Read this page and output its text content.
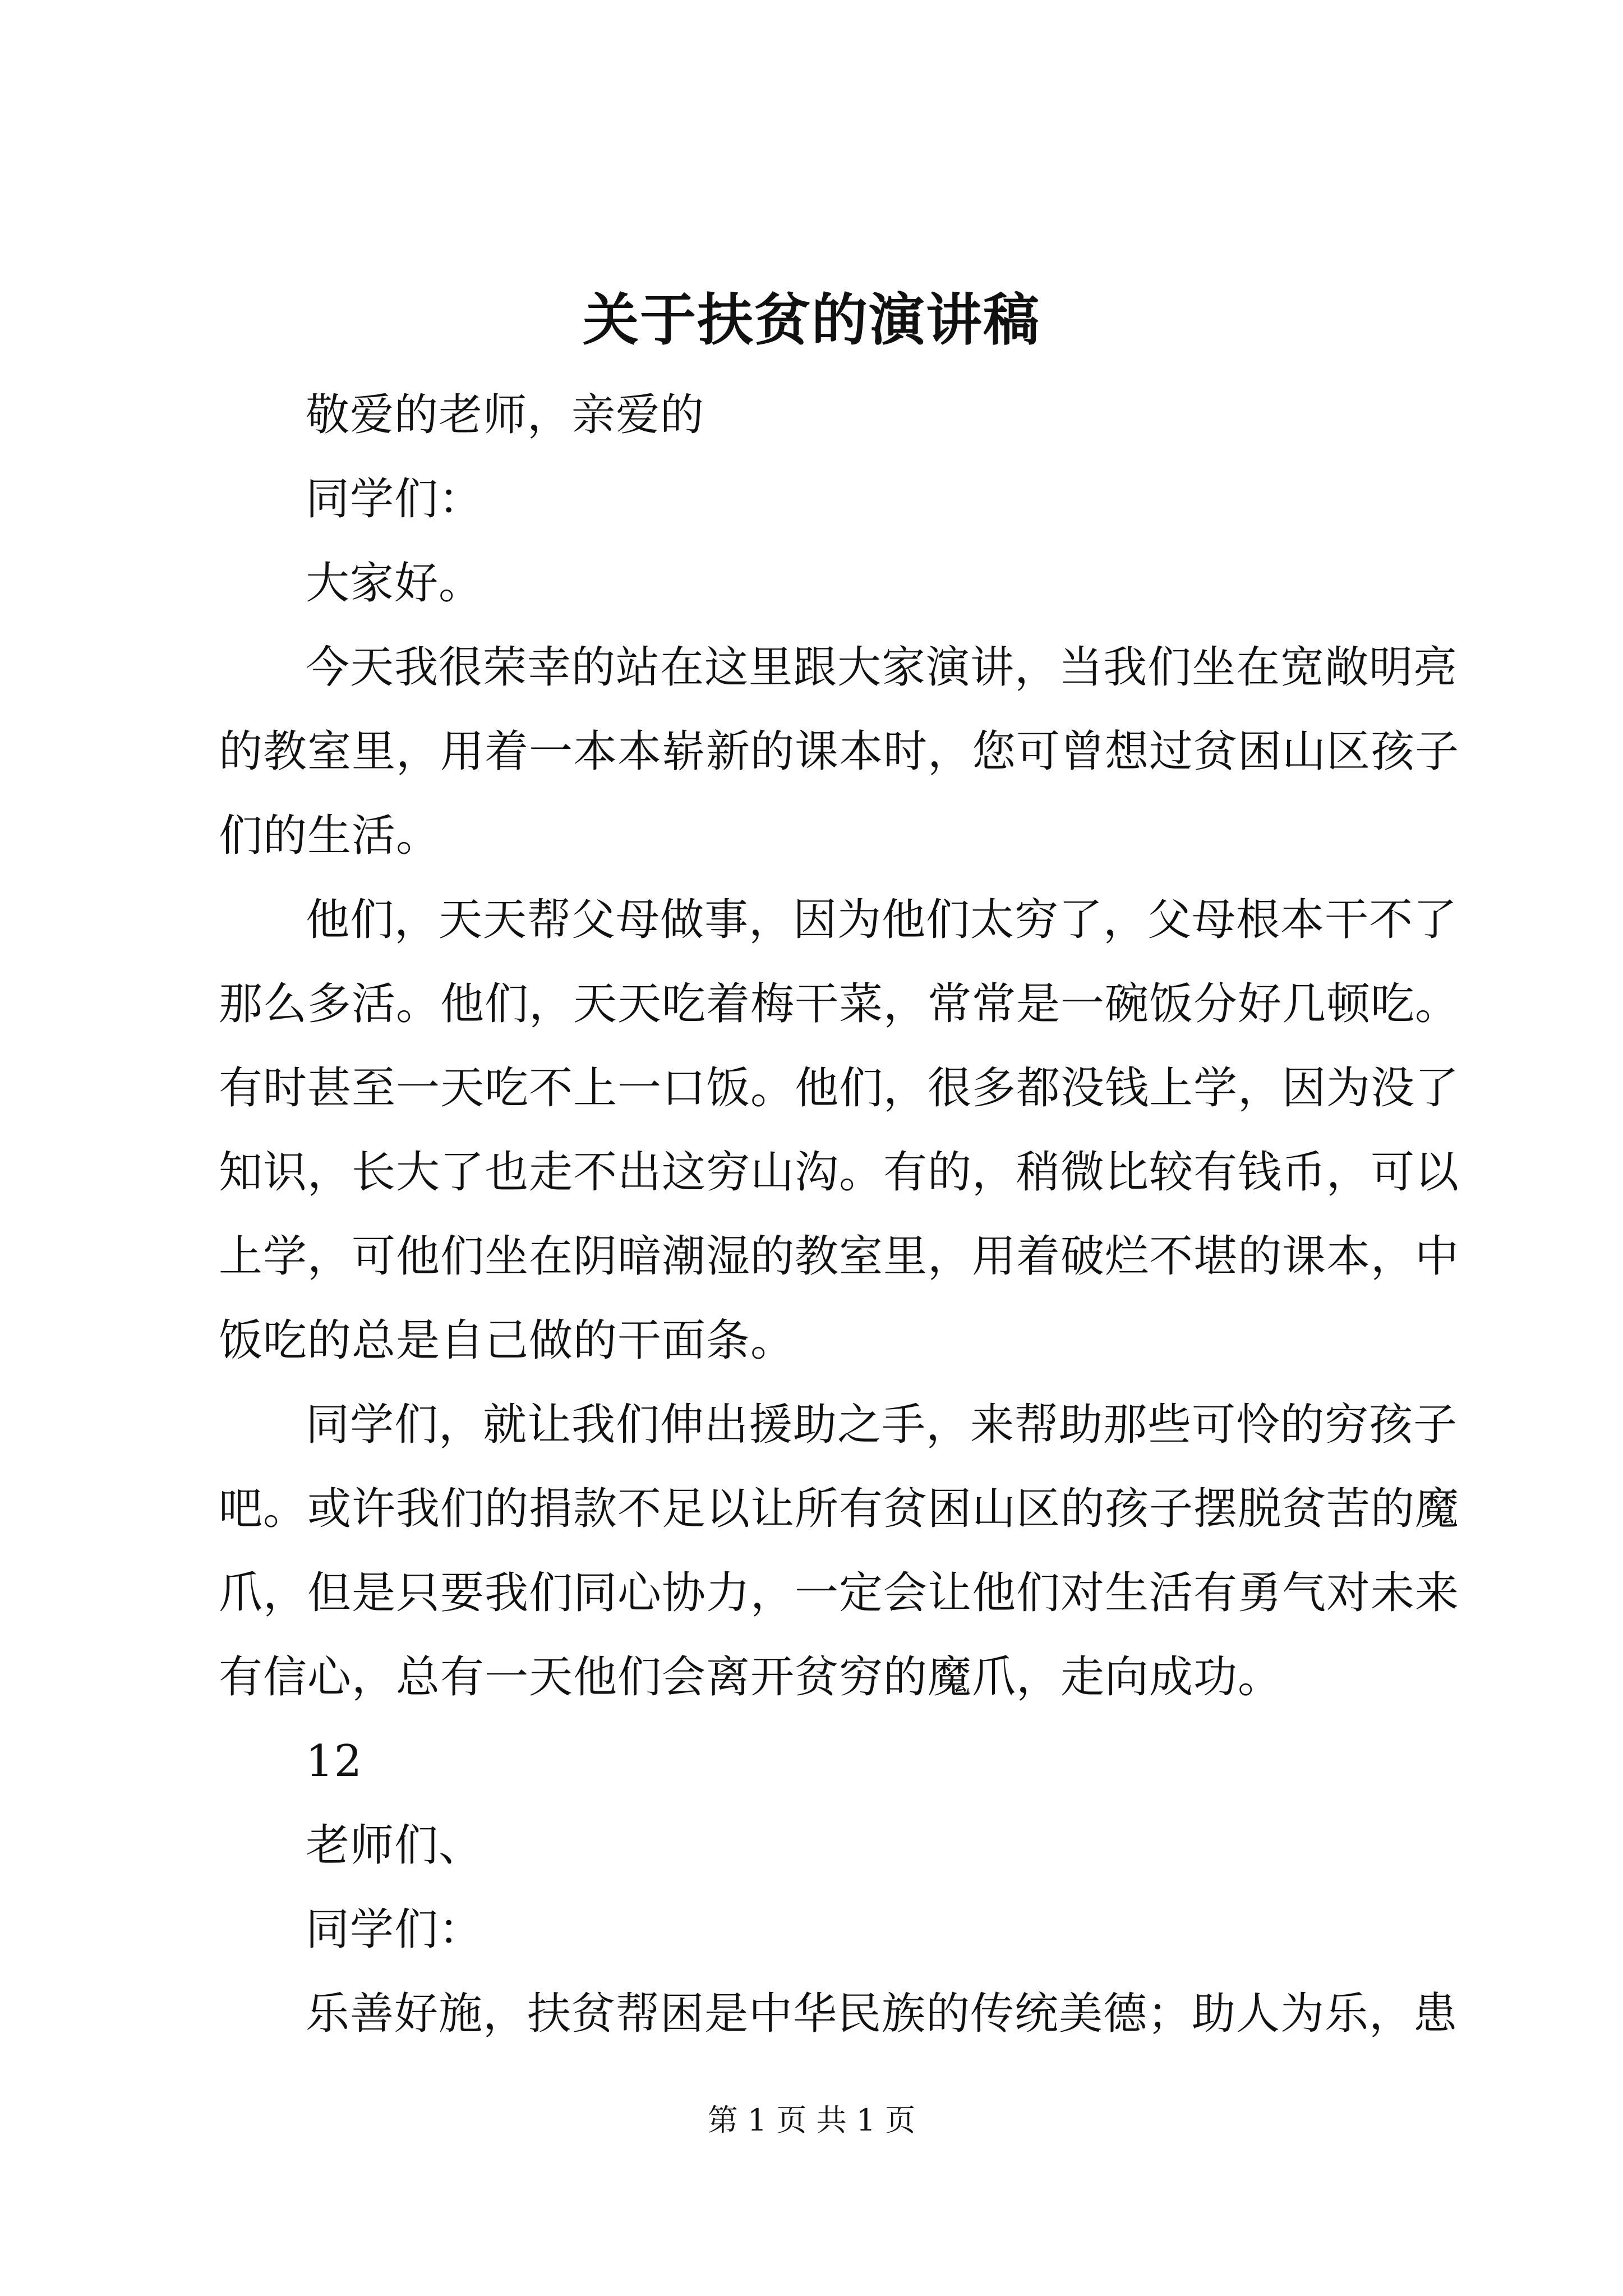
关于扶贫的演讲稿
敬爱的老师，亲爱的
同学们：
大家好。
今天我很荣幸的站在这里跟大家演讲，当我们坐在宽敞明亮
的教室里，用着一本本崭新的课本时，您可曾想过贫困山区孩子
们的生活。
他们，天天帮父母做事，因为他们太穷了，父母根本干不了
那么多活。他们，天天吃着梅干菜，常常是一碗饭分好几顿吃。
有时甚至一天吃不上一口饭。他们，很多都没钱上学，因为没了
知识，长大了也走不出这穷山沟。有的，稍微比较有钱币，可以
上学，可他们坐在阴暗潮湿的教室里，用着破烂不堪的课本，中
饭吃的总是自己做的干面条。
同学们，就让我们伸出援助之手，来帮助那些可怜的穷孩子
吧。或许我们的捐款不足以让所有贫困山区的孩子摆脱贫苦的魔
爪，但是只要我们同心协力，一定会让他们对生活有勇气对未来
有信心，总有一天他们会离开贫穷的魔爪，走向成功。
12
老师们、
同学们：
乐善好施，扶贫帮困是中华民族的传统美德；助人为乐，患
第 1 页 共 1 页
